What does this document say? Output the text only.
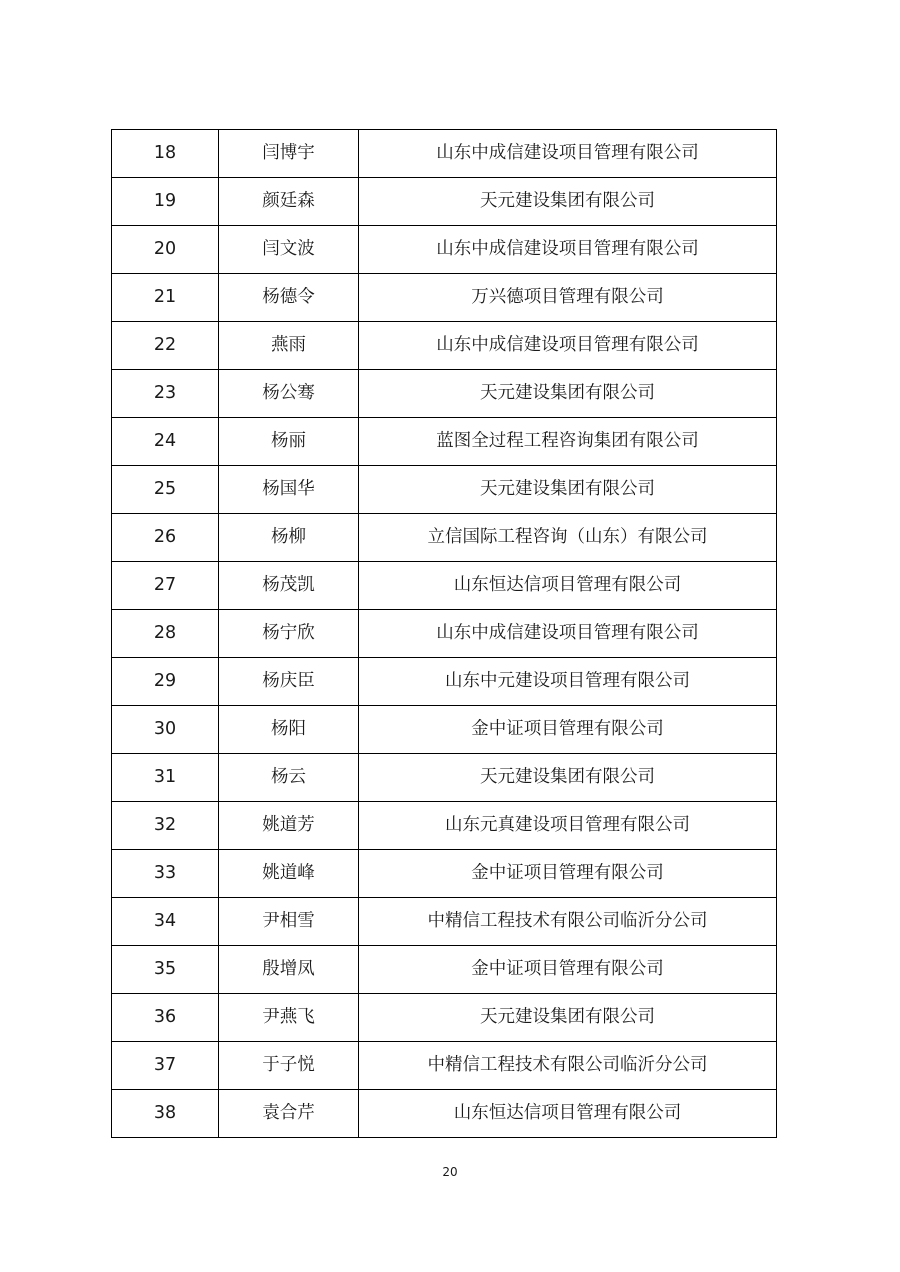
18	闫博宇	山东中成信建设项目管理有限公司
19	颜廷森	天元建设集团有限公司
20	闫文波	山东中成信建设项目管理有限公司
21	杨德令	万兴德项目管理有限公司
22	燕雨	山东中成信建设项目管理有限公司
23	杨公骞	天元建设集团有限公司
24	杨丽	蓝图全过程工程咨询集团有限公司
25	杨国华	天元建设集团有限公司
26	杨柳	立信国际工程咨询（山东）有限公司
27	杨茂凯	山东恒达信项目管理有限公司
28	杨宁欣	山东中成信建设项目管理有限公司
29	杨庆臣	山东中元建设项目管理有限公司
30	杨阳	金中证项目管理有限公司
31	杨云	天元建设集团有限公司
32	姚道芳	山东元真建设项目管理有限公司
33	姚道峰	金中证项目管理有限公司
34	尹相雪	中精信工程技术有限公司临沂分公司
35	殷增凤	金中证项目管理有限公司
36	尹燕飞	天元建设集团有限公司
37	于子悦	中精信工程技术有限公司临沂分公司
38	袁合芹	山东恒达信项目管理有限公司
20
